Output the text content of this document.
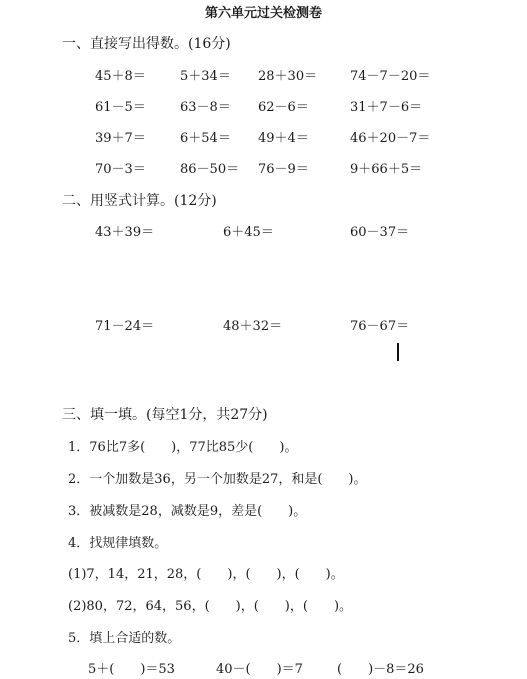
第六单元过关检测卷
一、直接写出得数。(16分)
45＋8＝	5＋34＝ 28＋30＝	74－7－20＝
61－5＝	63－8＝ 62－6＝	31＋7－6＝
39＋7＝	6＋54＝ 49＋4＝	46＋20－7＝
70－3＝	86－50＝ 76－9＝	9＋66＋5＝
二、用竖式计算。(12分)
43＋39＝	6＋45＝	60－37＝
71－24＝	48＋32＝	76－67＝
三、填一填。(每空1分，共27分)
1．76比7多(　　)，77比85少(　　)。
2．一个加数是36，另一个加数是27，和是(　　)。
3．被减数是28，减数是9，差是(　　)。
4．找规律填数。
(1)7，14，21，28，(　　)，(　　)，(　　)。
(2)80，72，64，56，(　　)，(　　)，(　　)。
5．填上合适的数。
5＋(　　)＝53	40－(　　)＝7	(　　)－8＝26
